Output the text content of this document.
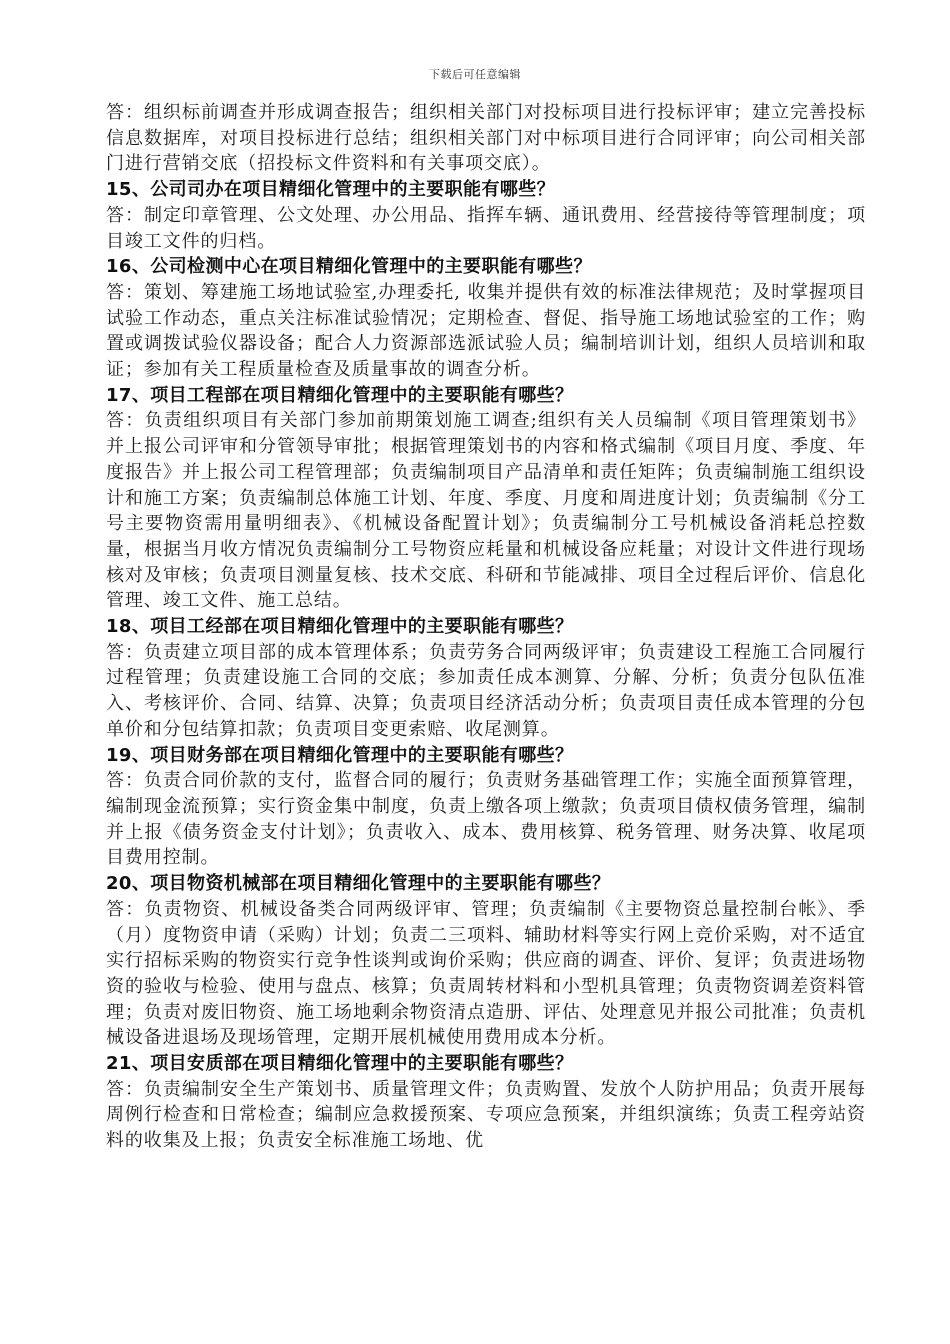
下载后可任意编辑

答：组织标前调查并形成调查报告；组织相关部门对投标项目进行投标评审；建立完善投标信息数据库，对项目投标进行总结；组织相关部门对中标项目进行合同评审；向公司相关部门进行营销交底（招投标文件资料和有关事项交底）。

15、公司司办在项目精细化管理中的主要职能有哪些？

答：制定印章管理、公文处理、办公用品、指挥车辆、通讯费用、经营接待等管理制度；项目竣工文件的归档。

16、公司检测中心在项目精细化管理中的主要职能有哪些？

答：策划、筹建施工场地试验室,办理委托, 收集并提供有效的标准法律规范；及时掌握项目试验工作动态，重点关注标准试验情况；定期检查、督促、指导施工场地试验室的工作；购置或调拨试验仪器设备；配合人力资源部选派试验人员；编制培训计划，组织人员培训和取证；参加有关工程质量检查及质量事故的调查分析。

17、项目工程部在项目精细化管理中的主要职能有哪些？

答：负责组织项目有关部门参加前期策划施工调查;组织有关人员编制《项目管理策划书》并上报公司评审和分管领导审批；根据管理策划书的内容和格式编制《项目月度、季度、年度报告》并上报公司工程管理部；负责编制项目产品清单和责任矩阵；负责编制施工组织设计和施工方案；负责编制总体施工计划、年度、季度、月度和周进度计划；负责编制《分工号主要物资需用量明细表》、《机械设备配置计划》；负责编制分工号机械设备消耗总控数量，根据当月收方情况负责编制分工号物资应耗量和机械设备应耗量；对设计文件进行现场核对及审核；负责项目测量复核、技术交底、科研和节能减排、项目全过程后评价、信息化管理、竣工文件、施工总结。

18、项目工经部在项目精细化管理中的主要职能有哪些？

答：负责建立项目部的成本管理体系；负责劳务合同两级评审；负责建设工程施工合同履行过程管理；负责建设施工合同的交底；参加责任成本测算、分解、分析；负责分包队伍准入、考核评价、合同、结算、决算；负责项目经济活动分析；负责项目责任成本管理的分包单价和分包结算扣款；负责项目变更索赔、收尾测算。

19、项目财务部在项目精细化管理中的主要职能有哪些？

答：负责合同价款的支付，监督合同的履行；负责财务基础管理工作；实施全面预算管理，编制现金流预算；实行资金集中制度，负责上缴各项上缴款；负责项目债权债务管理，编制并上报《债务资金支付计划》；负责收入、成本、费用核算、税务管理、财务决算、收尾项目费用控制。

20、项目物资机械部在项目精细化管理中的主要职能有哪些？

答：负责物资、机械设备类合同两级评审、管理；负责编制《主要物资总量控制台帐》、季（月）度物资申请（采购）计划；负责二三项料、辅助材料等实行网上竞价采购，对不适宜实行招标采购的物资实行竞争性谈判或询价采购；供应商的调查、评价、复评；负责进场物资的验收与检验、使用与盘点、核算；负责周转材料和小型机具管理；负责物资调差资料管理；负责对废旧物资、施工场地剩余物资清点造册、评估、处理意见并报公司批准；负责机械设备进退场及现场管理，定期开展机械使用费用成本分析。

21、项目安质部在项目精细化管理中的主要职能有哪些？

答：负责编制安全生产策划书、质量管理文件；负责购置、发放个人防护用品；负责开展每周例行检查和日常检查；编制应急救援预案、专项应急预案，并组织演练；负责工程旁站资料的收集及上报；负责安全标准施工场地、优
